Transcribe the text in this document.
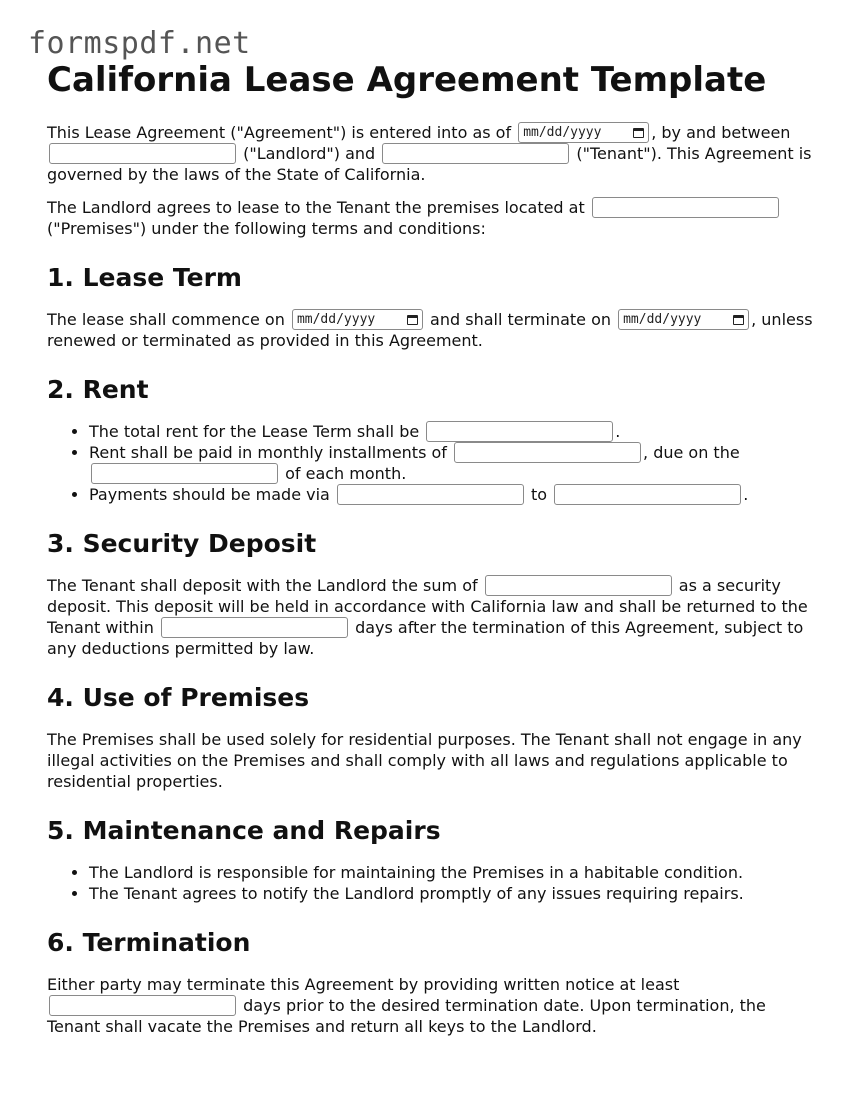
formspdf.net
California Lease Agreement Template

This Lease Agreement ("Agreement") is entered into as of mm/dd/yyyy	, by and between  ("Landlord") and	("Tenant"). This Agreement is governed by the laws of the State of California.

The Landlord agrees to lease to the Tenant the premises located at  ("Premises") under the following terms and conditions:

1. Lease Term

The lease shall commence on mm/dd/yyyy	and shall terminate on mm/dd/yyyy	, unless renewed or terminated as provided in this Agreement.

2. Rent
• The total rent for the Lease Term shall be	.
• Rent shall be paid in monthly installments of	, due on the  of each month.
• Payments should be made via	to	.
3. Security Deposit

The Tenant shall deposit with the Landlord the sum of	as a security deposit. This deposit will be held in accordance with California law and shall be returned to the Tenant within	days after the termination of this Agreement, subject to any deductions permitted by law.

4. Use of Premises

The Premises shall be used solely for residential purposes. The Tenant shall not engage in any illegal activities on the Premises and shall comply with all laws and regulations applicable to residential properties.

5. Maintenance and Repairs
• The Landlord is responsible for maintaining the Premises in a habitable condition.
• The Tenant agrees to notify the Landlord promptly of any issues requiring repairs.
6. Termination

Either party may terminate this Agreement by providing written notice at least  days prior to the desired termination date. Upon termination, the Tenant shall vacate the Premises and return all keys to the Landlord.
